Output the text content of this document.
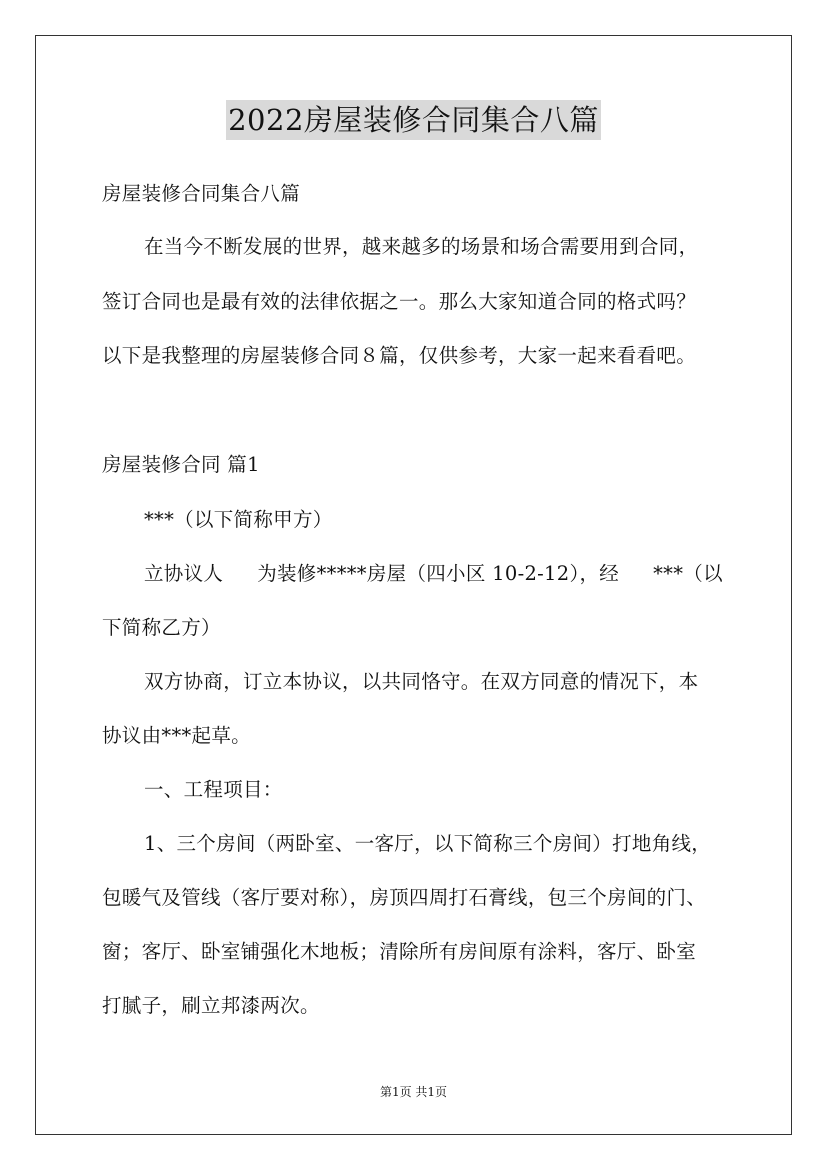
2022房屋装修合同集合八篇
房屋装修合同集合八篇
在当今不断发展的世界，越来越多的场景和场合需要用到合同，
签订合同也是最有效的法律依据之一。那么大家知道合同的格式吗？
以下是我整理的房屋装修合同８篇，仅供参考，大家一起来看看吧。
房屋装修合同 篇1
***（以下简称甲方）
立协议人 为装修*****房屋（四小区 10-2-12），经 ***（以
下简称乙方）
双方协商，订立本协议，以共同恪守。在双方同意的情况下，本
协议由***起草。
一、工程项目：
1、三个房间（两卧室、一客厅，以下简称三个房间）打地角线，
包暖气及管线（客厅要对称），房顶四周打石膏线，包三个房间的门、
窗；客厅、卧室铺强化木地板；清除所有房间原有涂料，客厅、卧室
打腻子，刷立邦漆两次。
第1页 共1页
